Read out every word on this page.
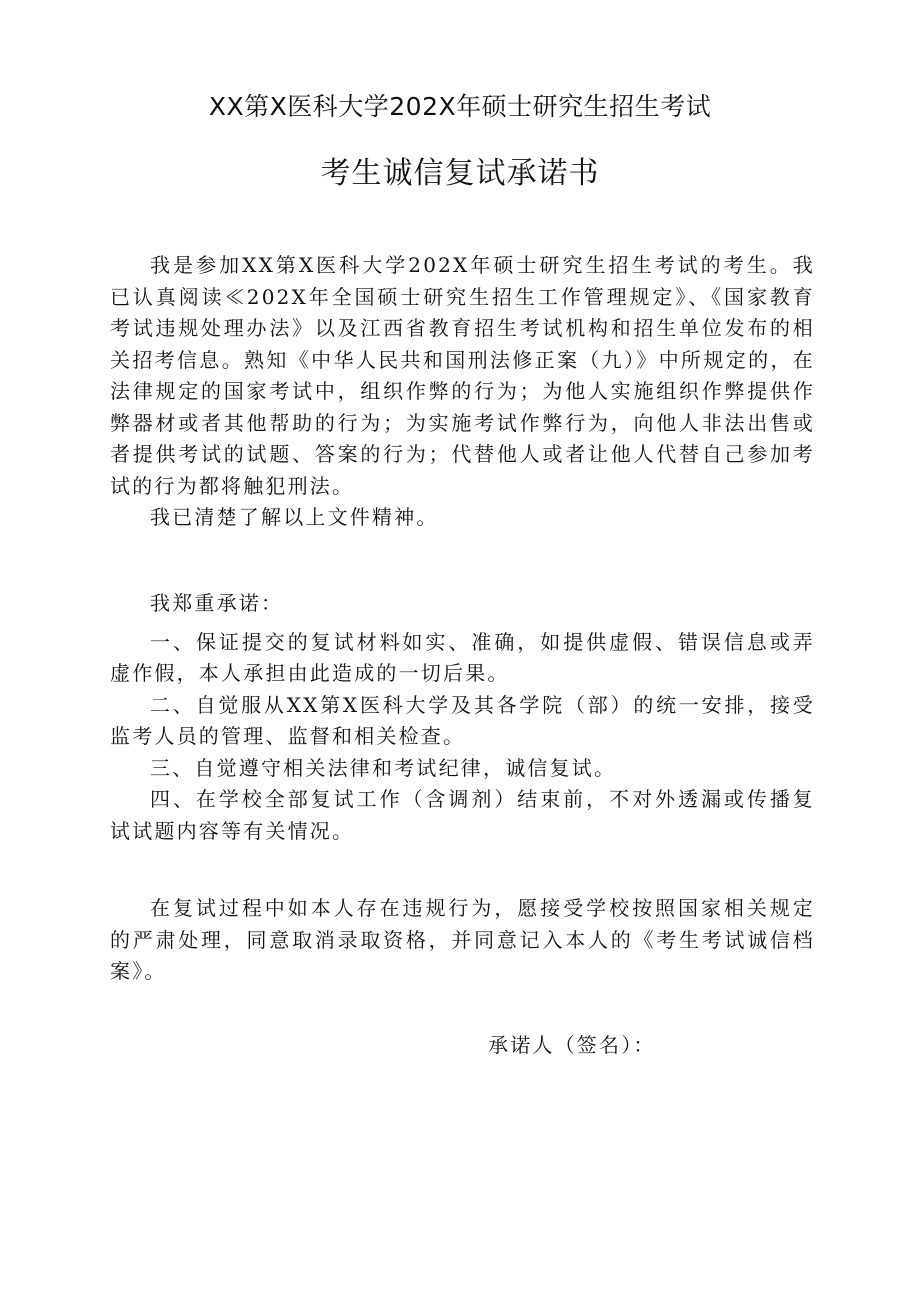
XX第X医科大学202X年硕士研究生招生考试
考生诚信复试承诺书

我是参加XX第X医科大学202X年硕士研究生招生考试的考生。我已认真阅读≪202X年全国硕士研究生招生工作管理规定》、《国家教育考试违规处理办法》以及江西省教育招生考试机构和招生单位发布的相关招考信息。熟知《中华人民共和国刑法修正案（九）》中所规定的，在法律规定的国家考试中，组织作弊的行为；为他人实施组织作弊提供作弊器材或者其他帮助的行为；为实施考试作弊行为，向他人非法出售或者提供考试的试题、答案的行为；代替他人或者让他人代替自己参加考试的行为都将触犯刑法。

我已清楚了解以上文件精神。

我郑重承诺：

一、保证提交的复试材料如实、准确，如提供虚假、错误信息或弄虚作假，本人承担由此造成的一切后果。

二、自觉服从XX第X医科大学及其各学院（部）的统一安排，接受监考人员的管理、监督和相关检查。

三、自觉遵守相关法律和考试纪律，诚信复试。

四、在学校全部复试工作（含调剂）结束前，不对外透漏或传播复试试题内容等有关情况。

在复试过程中如本人存在违规行为，愿接受学校按照国家相关规定的严肃处理，同意取消录取资格，并同意记入本人的《考生考试诚信档案》。

承诺人（签名）：
